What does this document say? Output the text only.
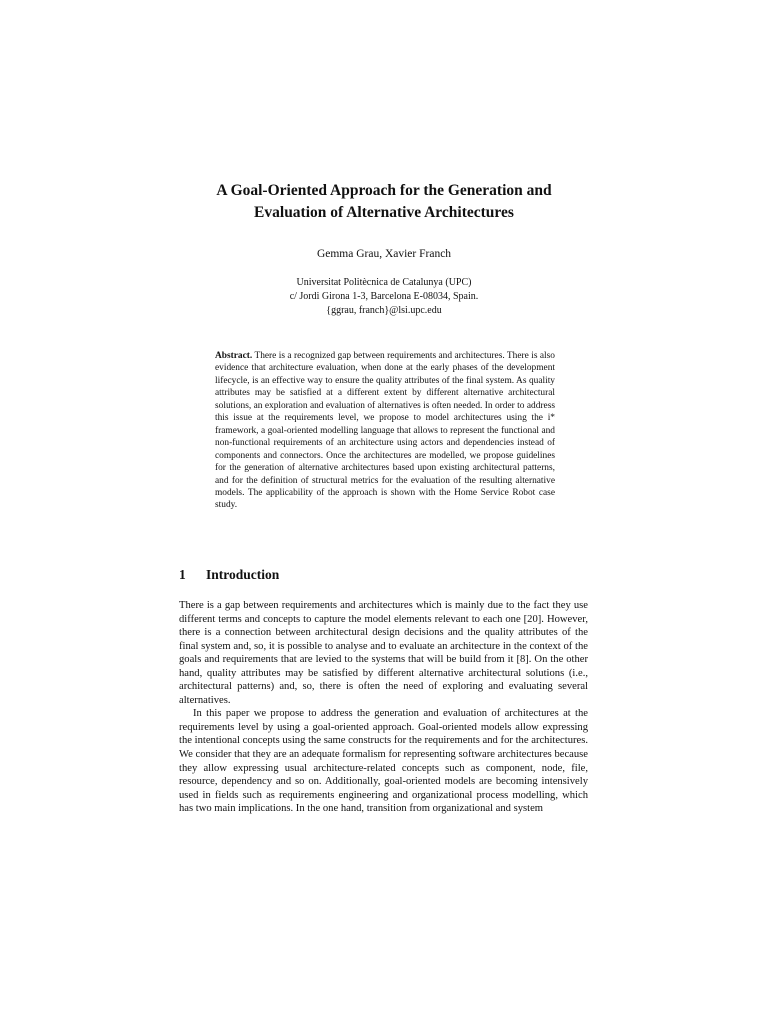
A Goal-Oriented Approach for the Generation and
Evaluation of Alternative Architectures
Gemma Grau, Xavier Franch
Universitat Politècnica de Catalunya (UPC)
c/ Jordi Girona 1-3, Barcelona E-08034, Spain.
{ggrau, franch}@lsi.upc.edu
Abstract. There is a recognized gap between requirements and architectures. There is also evidence that architecture evaluation, when done at the early phases of the development lifecycle, is an effective way to ensure the quality attributes of the final system. As quality attributes may be satisfied at a different extent by different alternative architectural solutions, an exploration and evaluation of alternatives is often needed. In order to address this issue at the requirements level, we propose to model architectures using the i* framework, a goal-oriented modelling language that allows to represent the functional and non-functional requirements of an architecture using actors and dependencies instead of components and connectors. Once the architectures are modelled, we propose guidelines for the generation of alternative architectures based upon existing architectural patterns, and for the definition of structural metrics for the evaluation of the resulting alternative models. The applicability of the approach is shown with the Home Service Robot case study.
1 Introduction

There is a gap between requirements and architectures which is mainly due to the fact they use different terms and concepts to capture the model elements relevant to each one [20]. However, there is a connection between architectural design decisions and the quality attributes of the final system and, so, it is possible to analyse and to evaluate an architecture in the context of the goals and requirements that are levied to the systems that will be build from it [8]. On the other hand, quality attributes may be satisfied by different alternative architectural solutions (i.e., architectural patterns) and, so, there is often the need of exploring and evaluating several alternatives.

In this paper we propose to address the generation and evaluation of architectures at the requirements level by using a goal-oriented approach. Goal-oriented models allow expressing the intentional concepts using the same constructs for the requirements and for the architectures. We consider that they are an adequate formalism for representing software architectures because they allow expressing usual architecture-related concepts such as component, node, file, resource, dependency and so on. Additionally, goal-oriented models are becoming intensively used in fields such as requirements engineering and organizational process modelling, which has two main implications. In the one hand, transition from organizational and system
